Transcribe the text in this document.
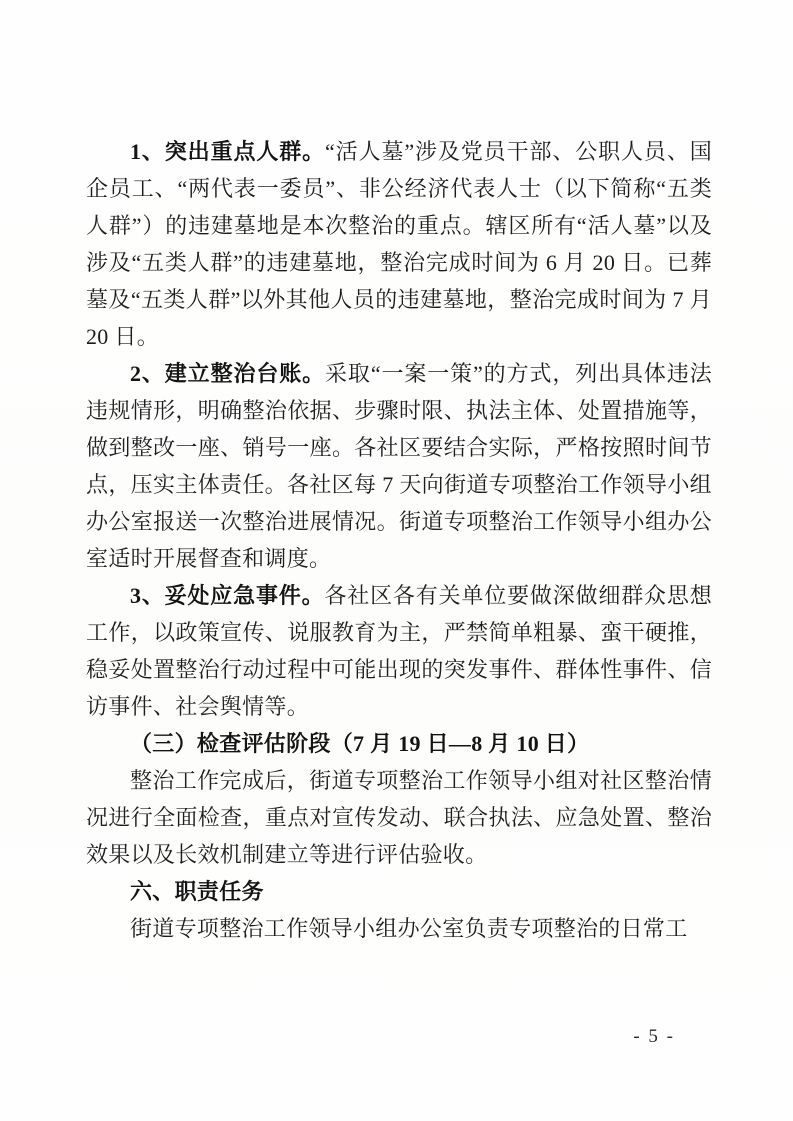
1、突出重点人群。“活人墓”涉及党员干部、公职人员、国企员工、“两代表一委员”、非公经济代表人士（以下简称“五类人群”）的违建墓地是本次整治的重点。辖区所有“活人墓”以及涉及“五类人群”的违建墓地，整治完成时间为 6 月 20 日。已葬墓及“五类人群”以外其他人员的违建墓地，整治完成时间为 7 月 20 日。

2、建立整治台账。采取“一案一策”的方式，列出具体违法违规情形，明确整治依据、步骤时限、执法主体、处置措施等，做到整改一座、销号一座。各社区要结合实际，严格按照时间节点，压实主体责任。各社区每 7 天向街道专项整治工作领导小组办公室报送一次整治进展情况。街道专项整治工作领导小组办公室适时开展督查和调度。

3、妥处应急事件。各社区各有关单位要做深做细群众思想工作，以政策宣传、说服教育为主，严禁简单粗暴、蛮干硬推，稳妥处置整治行动过程中可能出现的突发事件、群体性事件、信访事件、社会舆情等。

（三）检查评估阶段（7 月 19 日—8 月 10 日）

整治工作完成后，街道专项整治工作领导小组对社区整治情况进行全面检查，重点对宣传发动、联合执法、应急处置、整治效果以及长效机制建立等进行评估验收。

六、职责任务

街道专项整治工作领导小组办公室负责专项整治的日常工

- 5 -
